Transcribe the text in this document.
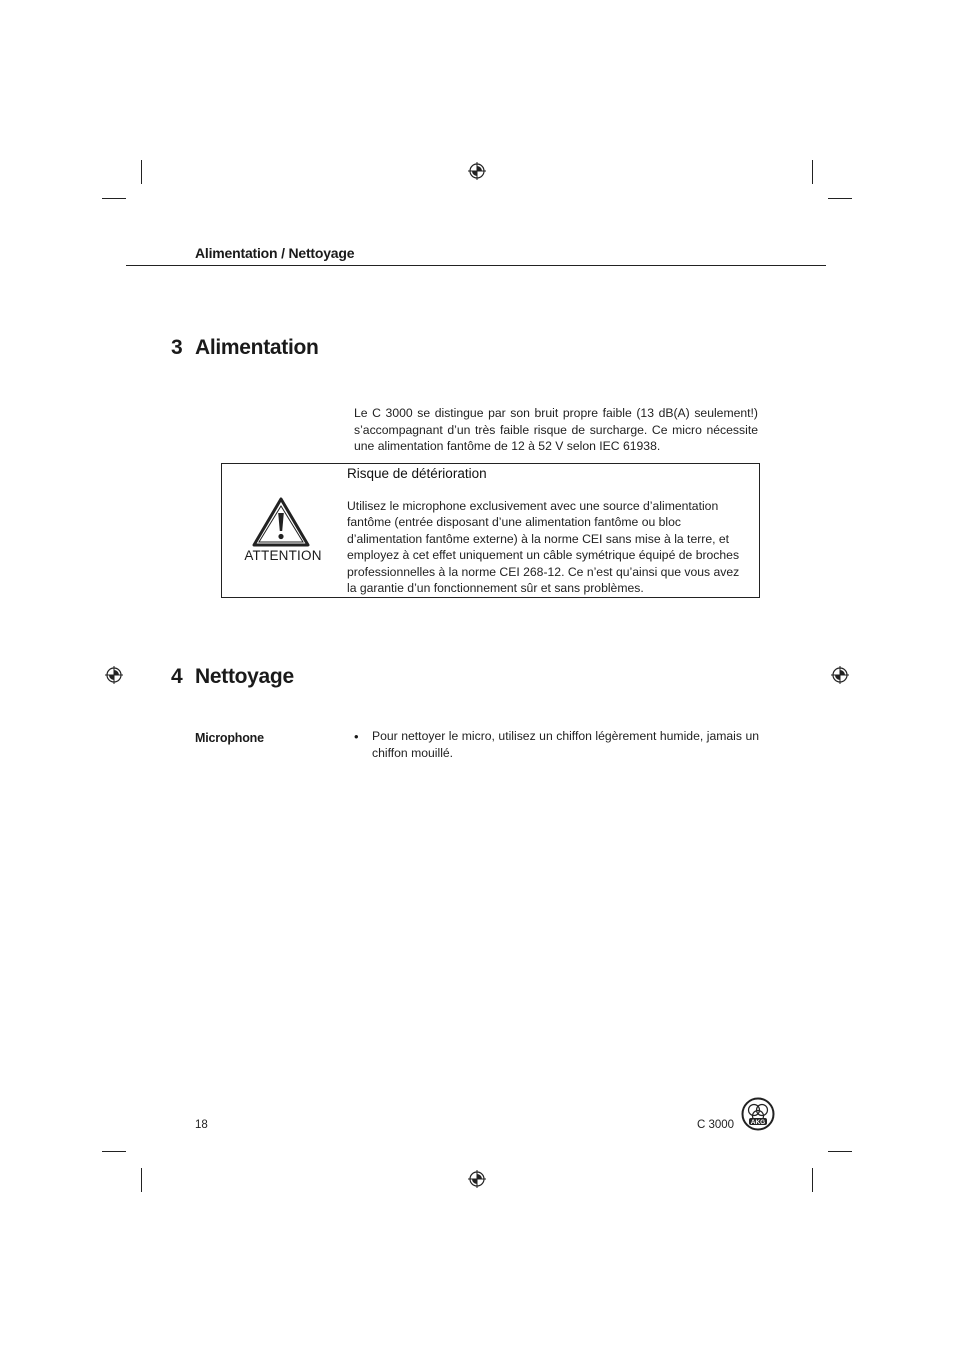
Alimentation / Nettoyage
3 Alimentation
Le C 3000 se distingue par son bruit propre faible (13 dB(A) seulement!) s’accompagnant d’un très faible risque de surcharge. Ce micro nécessite une alimentation fantôme de 12 à 52 V selon IEC 61938.
ATTENTION
Risque de détérioration
Utilisez le microphone exclusivement avec une source d’alimentation fantôme (entrée disposant d’une alimentation fantôme ou bloc d’alimentation fantôme externe) à la norme CEI sans mise à la terre, et employez à cet effet uniquement un câble symétrique équipé de broches professionnelles à la norme CEI 268-12. Ce n’est qu’ainsi que vous avez la garantie d’un fonctionnement sûr et sans problèmes.
4 Nettoyage
Microphone	• Pour nettoyer le micro, utilisez un chiffon légèrement humide, jamais un chiffon mouillé.
18	C 3000	AKG
